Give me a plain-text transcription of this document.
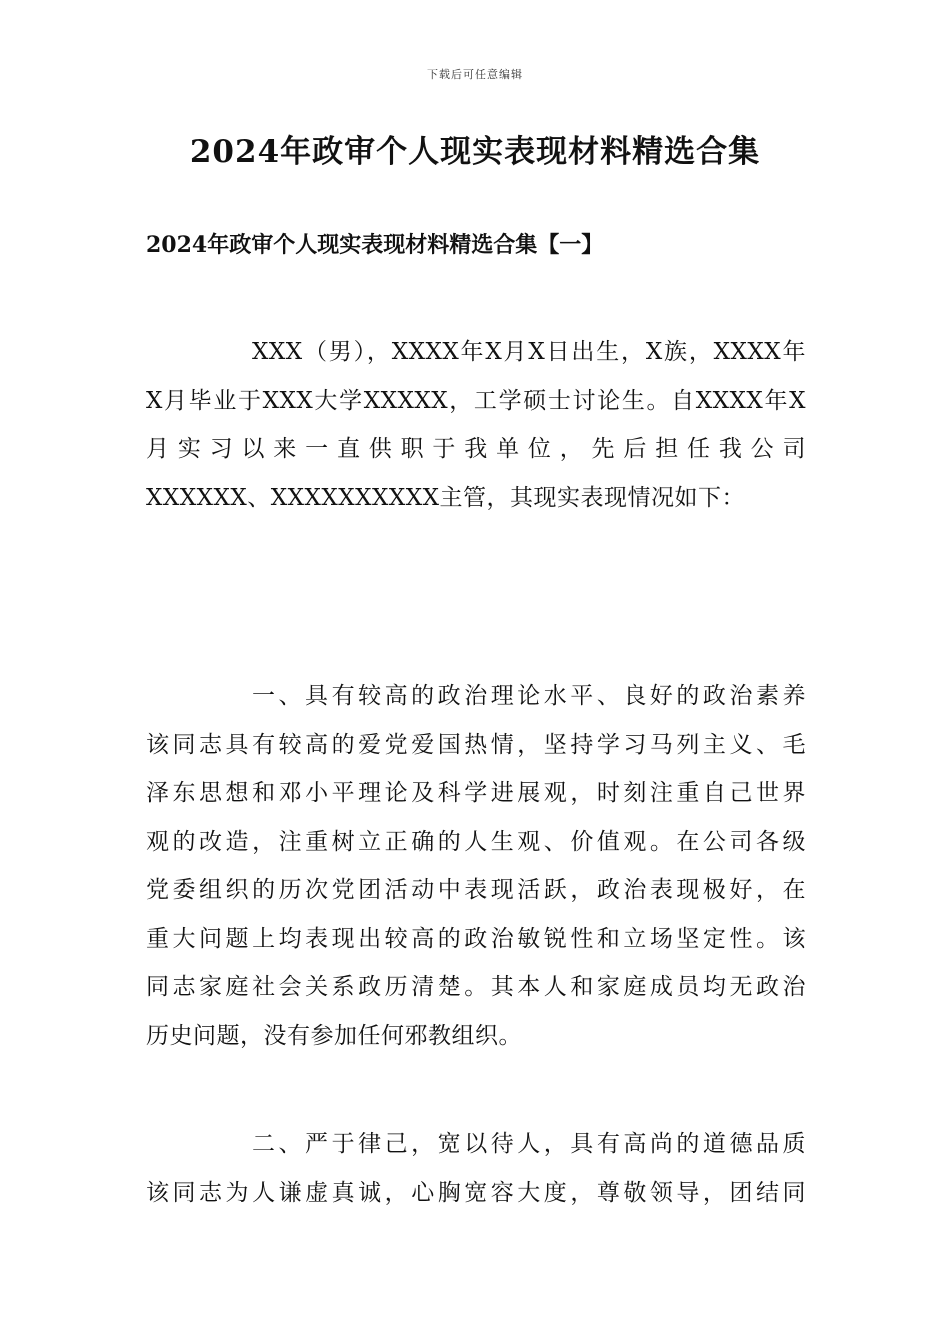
下载后可任意编辑
2024年政审个人现实表现材料精选合集
2024年政审个人现实表现材料精选合集【一】
XXX（男），XXXX年X月X日出生，X族，XXXX年
X月毕业于XXX大学XXXXX，工学硕士讨论生。自XXXX年X
月实习以来一直供职于我单位，先后担任我公司
XXXXXX、XXXXXXXXXX主管，其现实表现情况如下：
一、具有较高的政治理论水平、良好的政治素养
该同志具有较高的爱党爱国热情，坚持学习马列主义、毛
泽东思想和邓小平理论及科学进展观，时刻注重自己世界
观的改造，注重树立正确的人生观、价值观。在公司各级
党委组织的历次党团活动中表现活跃，政治表现极好，在
重大问题上均表现出较高的政治敏锐性和立场坚定性。该
同志家庭社会关系政历清楚。其本人和家庭成员均无政治
历史问题，没有参加任何邪教组织。
二、严于律己，宽以待人，具有高尚的道德品质
该同志为人谦虚真诚，心胸宽容大度，尊敬领导，团结同
